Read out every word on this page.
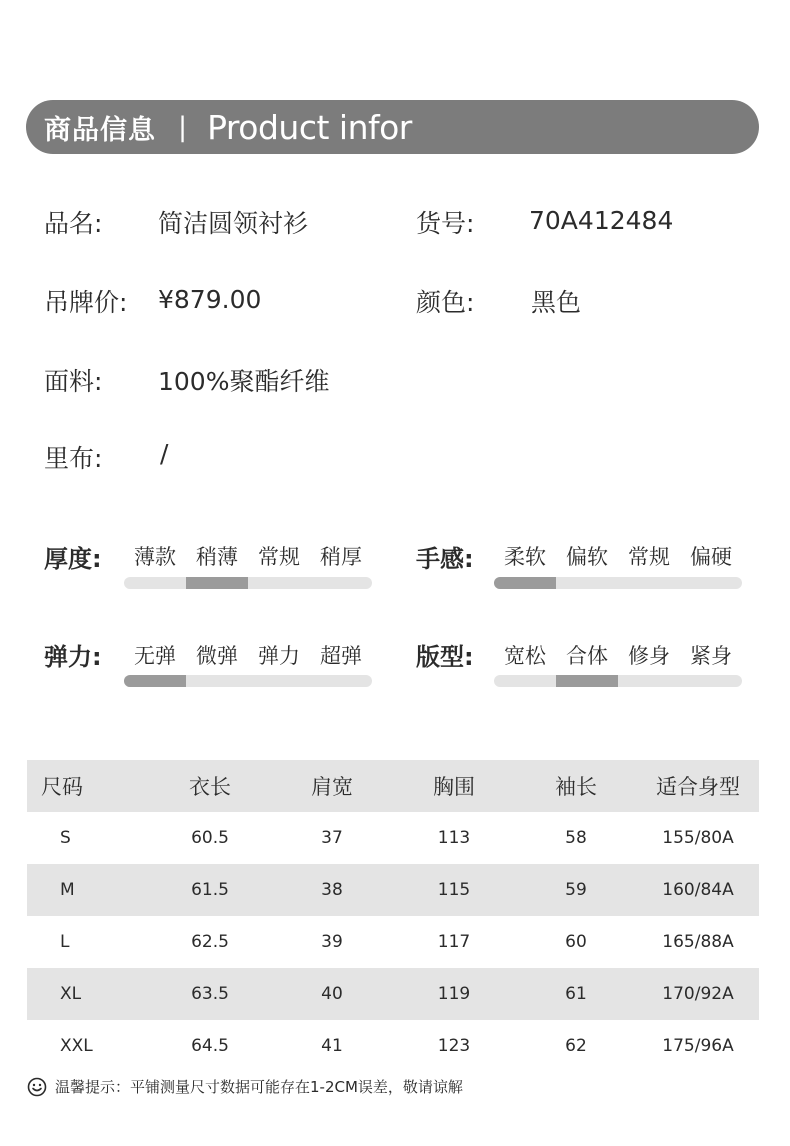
商品信息 | Product infor
品名: 简洁圆领衬衫	货号: 70A412484
吊牌价: ¥879.00	颜色: 黑色
面料: 100%聚酯纤维
里布: /
厚度:	薄款 稍薄 常规 稍厚	手感:	柔软 偏软 常规 偏硬
弹力:	无弹 微弹 弹力 超弹	版型:	宽松 合体 修身 紧身
尺码	衣长	肩宽	胸围	袖长	适合身型
S	60.5	37	113	58	155/80A
M	61.5	38	115	59	160/84A
L	62.5	39	117	60	165/88A
XL	63.5	40	119	61	170/92A
XXL	64.5	41	123	62	175/96A
温馨提示：平铺测量尺寸数据可能存在1-2CM误差，敬请谅解
